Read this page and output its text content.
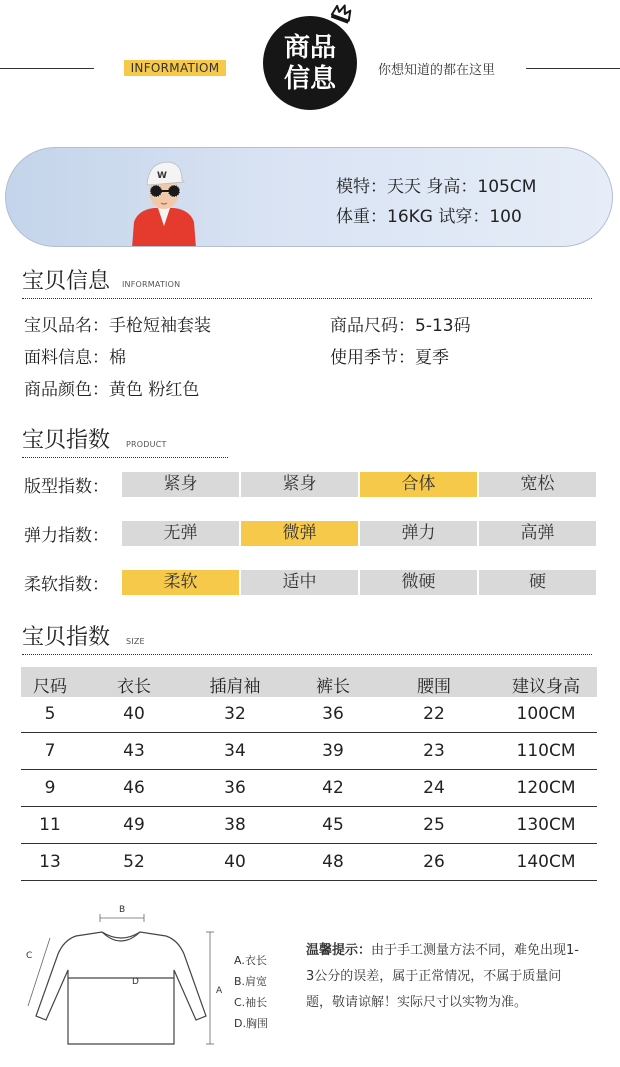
INFORMATIOM
商品
信息	你想知道的都在这里
W
模特：天天 身高：105CM
体重：16KG 试穿：100
宝贝信息 INFORMATION
宝贝品名：手枪短袖套装	商品尺码：5-13码
面料信息：棉	使用季节：夏季
商品颜色：黄色 粉红色
宝贝指数 PRODUCT
版型指数：	紧身	紧身	合体	宽松
弹力指数：	无弹	微弹	弹力	高弹
柔软指数：	柔软	适中	微硬	硬
宝贝指数 SIZE
尺码	衣长	插肩袖	裤长	腰围	建议身高
5	40	32	36	22	100CM
7	43	34	39	23	110CM
9	46	36	42	24	120CM
11	49	38	45	25	130CM
13	52	40	48	26	140CM
B
A
C
D
A.衣长
B.肩宽
C.袖长
D.胸围
温馨提示：由于手工测量方法不同，难免出现1-3公分的误差，属于正常情况，不属于质量问题，敬请谅解！实际尺寸以实物为准。
